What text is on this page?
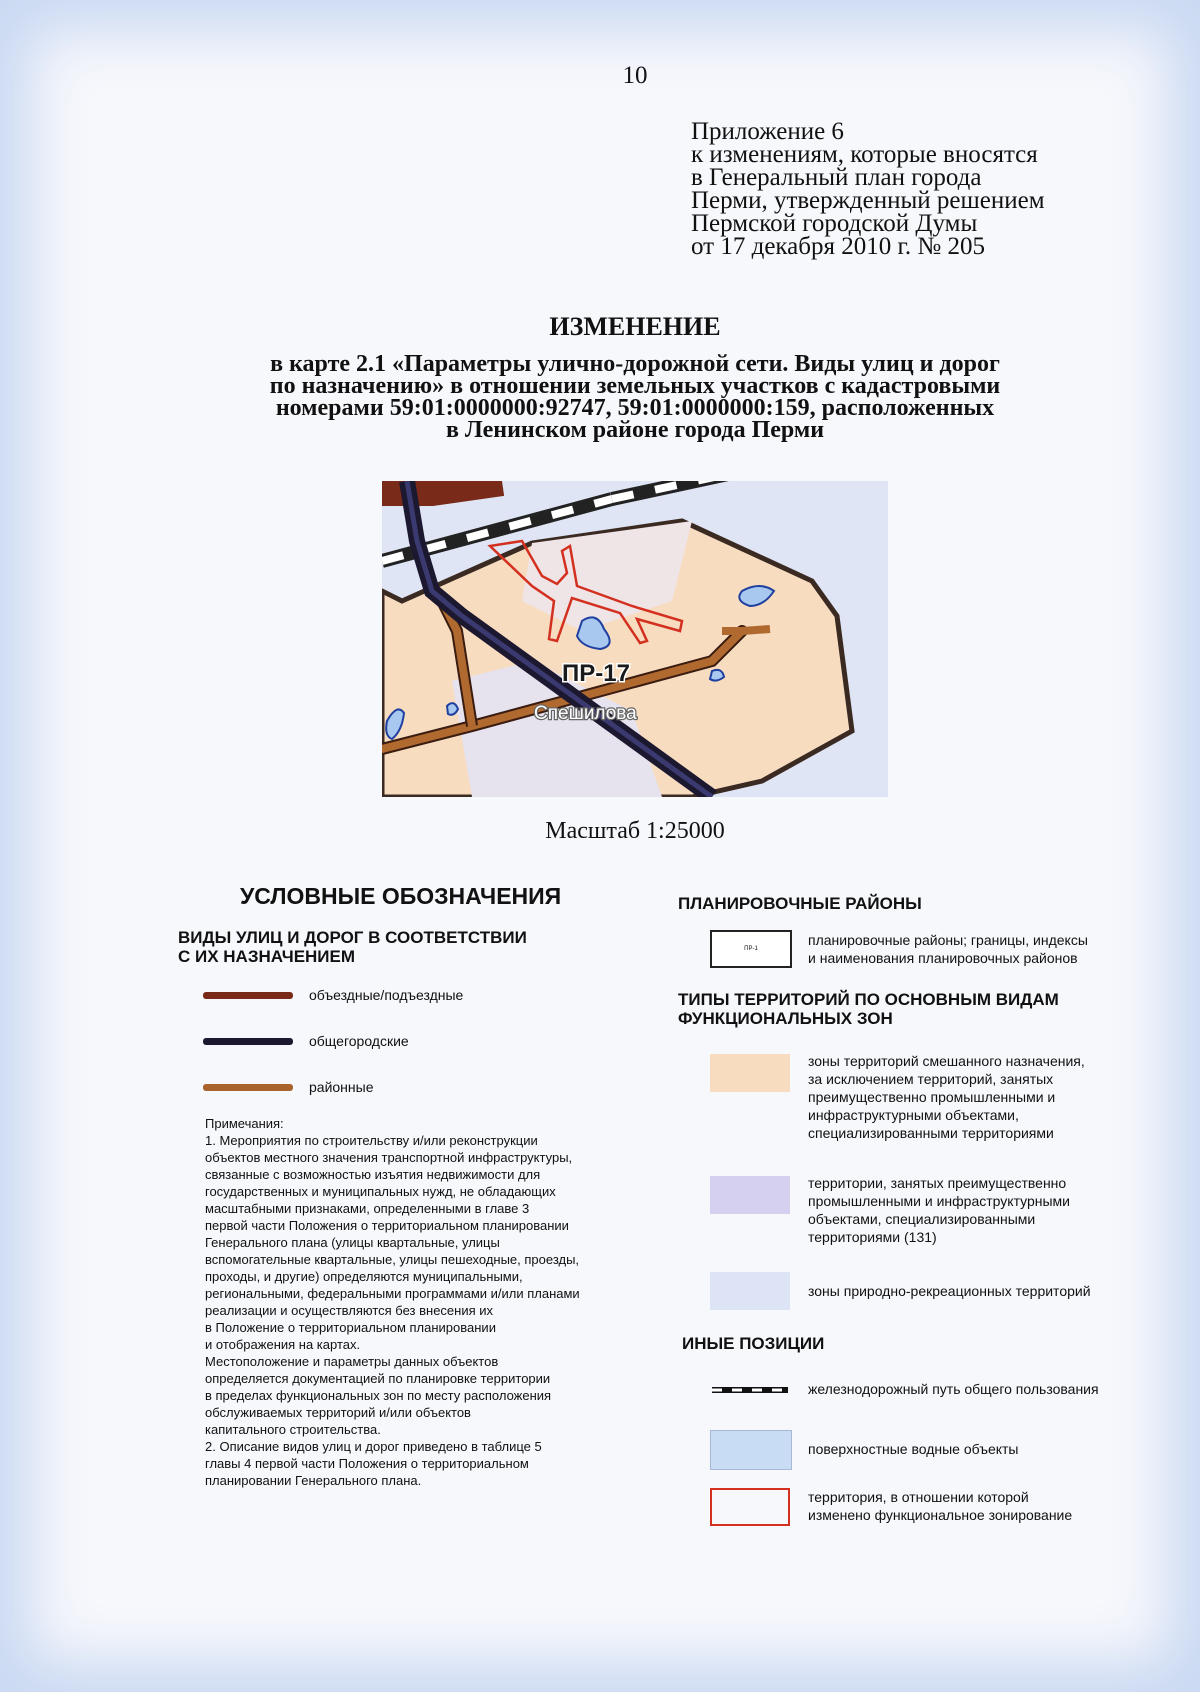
10
Приложение 6
к изменениям, которые вносятся
в Генеральный план города
Перми, утвержденный решением
Пермской городской Думы
от 17 декабря 2010 г. № 205
ИЗМЕНЕНИЕ
в карте 2.1 «Параметры улично-дорожной сети. Виды улиц и дорог
по назначению» в отношении земельных участков с кадастровыми
номерами 59:01:0000000:92747, 59:01:0000000:159, расположенных
в Ленинском районе города Перми
ПР-17
Спешилова
Масштаб 1:25000
УСЛОВНЫЕ ОБОЗНАЧЕНИЯ
ВИДЫ УЛИЦ И ДОРОГ В СООТВЕТСТВИИ
С ИХ НАЗНАЧЕНИЕМ
объездные/подъездные
общегородские
районные
Примечания:
1. Мероприятия по строительству и/или реконструкции
объектов местного значения транспортной инфраструктуры,
связанные с возможностью изъятия недвижимости для
государственных и муниципальных нужд, не обладающих
масштабными признаками, определенными в главе 3
первой части Положения о территориальном планировании
Генерального плана (улицы квартальные, улицы
вспомогательные квартальные, улицы пешеходные, проезды,
проходы, и другие) определяются муниципальными,
региональными, федеральными программами и/или планами
реализации и осуществляются без внесения их
в Положение о территориальном планировании
и отображения на картах.
Местоположение и параметры данных объектов
определяется документацией по планировке территории
в пределах функциональных зон по месту расположения
обслуживаемых территорий и/или объектов
капитального строительства.
2. Описание видов улиц и дорог приведено в таблице 5
главы 4 первой части Положения о территориальном
планировании Генерального плана.
ПЛАНИРОВОЧНЫЕ РАЙОНЫ
ПР-1
планировочные районы; границы, индексы
и наименования планировочных районов
ТИПЫ ТЕРРИТОРИЙ ПО ОСНОВНЫМ ВИДАМ
ФУНКЦИОНАЛЬНЫХ ЗОН
зоны территорий смешанного назначения,
за исключением территорий, занятых
преимущественно промышленными и
инфраструктурными объектами,
специализированными территориями
территории, занятых преимущественно
промышленными и инфраструктурными
объектами, специализированными
территориями (131)
зоны природно-рекреационных территорий
ИНЫЕ ПОЗИЦИИ
железнодорожный путь общего пользования
поверхностные водные объекты
территория, в отношении которой
изменено функциональное зонирование
